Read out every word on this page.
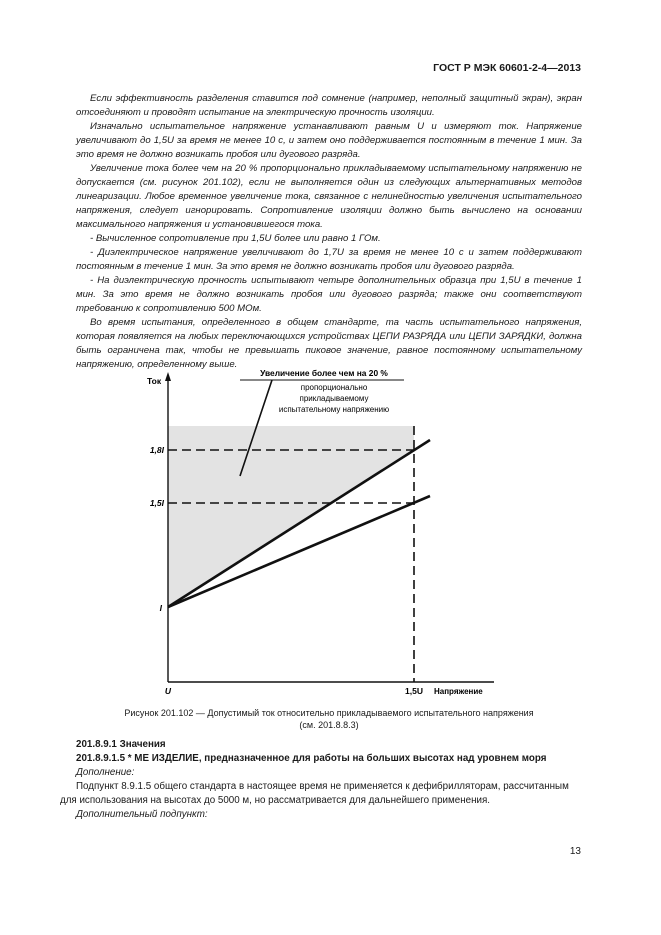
ГОСТ Р МЭК 60601-2-4—2013

Если эффективность разделения ставится под сомнение (например, неполный защитный экран), экран отсоединяют и проводят испытание на электрическую прочность изоляции.

Изначально испытательное напряжение устанавливают равным U и измеряют ток. Напряжение увеличивают до 1,5U за время не менее 10 с, и затем оно поддерживается постоянным в течение 1 мин. За это время не должно возникать пробоя или дугового разряда.

Увеличение тока более чем на 20 % пропорционально прикладываемому испытательному напряжению не допускается (см. рисунок 201.102), если не выполняется один из следующих альтернативных методов линеаризации. Любое временное увеличение тока, связанное с нелинейностью увеличения испытательного напряжения, следует игнорировать. Сопротивление изоляции должно быть вычислено на основании максимального напряжения и установившегося тока.

- Вычисленное сопротивление при 1,5U более или равно 1 ГОм.

- Диэлектрическое напряжение увеличивают до 1,7U за время не менее 10 с и затем поддерживают постоянным в течение 1 мин. За это время не должно возникать пробоя или дугового разряда.

- На диэлектрическую прочность испытывают четыре дополнительных образца при 1,5U в течение 1 мин. За это время не должно возникать пробоя или дугового разряда; также они соответствуют требованию к сопротивлению 500 МОм.

Во время испытания, определенного в общем стандарте, та часть испытательного напряжения, которая появляется на любых переключающихся устройствах ЦЕПИ РАЗРЯДА или ЦЕПИ ЗАРЯДКИ, должна быть ограничена так, чтобы не превышать пиковое значение, равное постоянному испытательному напряжению, определенному выше.

Увеличение более чем на 20 %
пропорционально
прикладываемому
испытательному напряжению
Ток
1,8I
1,5I
I
U	1,5U Напряжение
Рисунок 201.102 — Допустимый ток относительно прикладываемого испытательного напряжения
(см. 201.8.8.3)

201.8.9.1 Значения

201.8.9.1.5 * МЕ ИЗДЕЛИЕ, предназначенное для работы на больших высотах над уровнем моря

Дополнение:

Подпункт 8.9.1.5 общего стандарта в настоящее время не применяется к дефибрилляторам, рассчитанным для использования на высотах до 5000 м, но рассматривается для дальнейшего применения.

Дополнительный подпункт:

13
